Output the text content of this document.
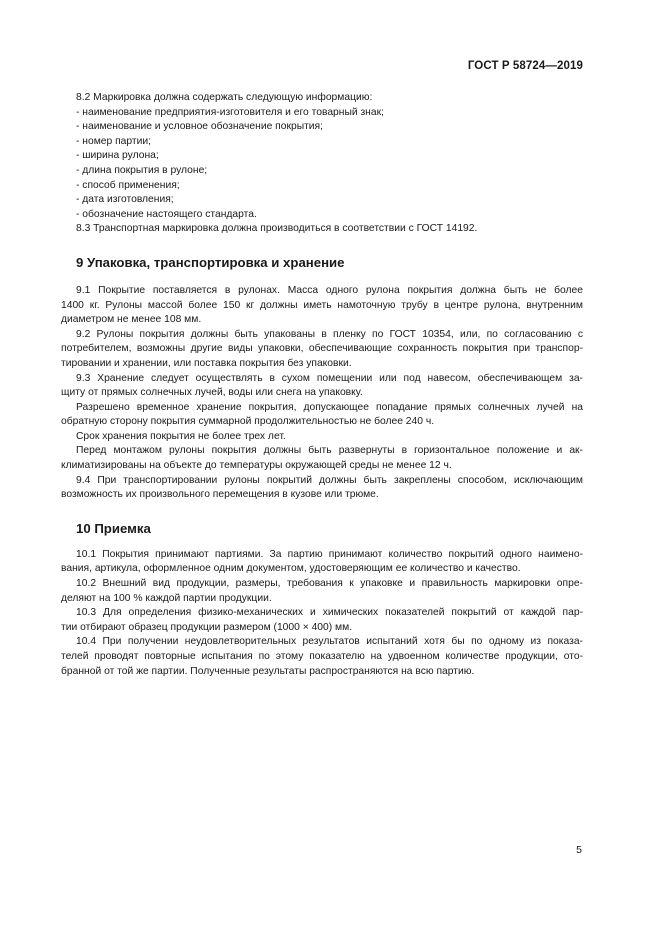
ГОСТ Р 58724—2019
8.2 Маркировка должна содержать следующую информацию:
- наименование предприятия-изготовителя и его товарный знак;
- наименование и условное обозначение покрытия;
- номер партии;
- ширина рулона;
- длина покрытия в рулоне;
- способ применения;
- дата изготовления;
- обозначение настоящего стандарта.
8.3 Транспортная маркировка должна производиться в соответствии с ГОСТ 14192.
9 Упаковка, транспортировка и хранение
9.1 Покрытие поставляется в рулонах. Масса одного рулона покрытия должна быть не более
1400 кг. Рулоны массой более 150 кг должны иметь намоточную трубу в центре рулона, внутренним
диаметром не менее 108 мм.
9.2 Рулоны покрытия должны быть упакованы в пленку по ГОСТ 10354, или, по согласованию с
потребителем, возможны другие виды упаковки, обеспечивающие сохранность покрытия при транспор-
тировании и хранении, или поставка покрытия без упаковки.
9.3 Хранение следует осуществлять в сухом помещении или под навесом, обеспечивающем за-
щиту от прямых солнечных лучей, воды или снега на упаковку.
Разрешено временное хранение покрытия, допускающее попадание прямых солнечных лучей на
обратную сторону покрытия суммарной продолжительностью не более 240 ч.
Срок хранения покрытия не более трех лет.
Перед монтажом рулоны покрытия должны быть развернуты в горизонтальное положение и ак-
климатизированы на объекте до температуры окружающей среды не менее 12 ч.
9.4 При транспортировании рулоны покрытий должны быть закреплены способом, исключающим
возможность их произвольного перемещения в кузове или трюме.
10 Приемка
10.1 Покрытия принимают партиями. За партию принимают количество покрытий одного наимено-
вания, артикула, оформленное одним документом, удостоверяющим ее количество и качество.
10.2 Внешний вид продукции, размеры, требования к упаковке и правильность маркировки опре-
деляют на 100 % каждой партии продукции.
10.3 Для определения физико-механических и химических показателей покрытий от каждой пар-
тии отбирают образец продукции размером (1000 × 400) мм.
10.4 При получении неудовлетворительных результатов испытаний хотя бы по одному из показа-
телей проводят повторные испытания по этому показателю на удвоенном количестве продукции, ото-
бранной от той же партии. Полученные результаты распространяются на всю партию.
5
